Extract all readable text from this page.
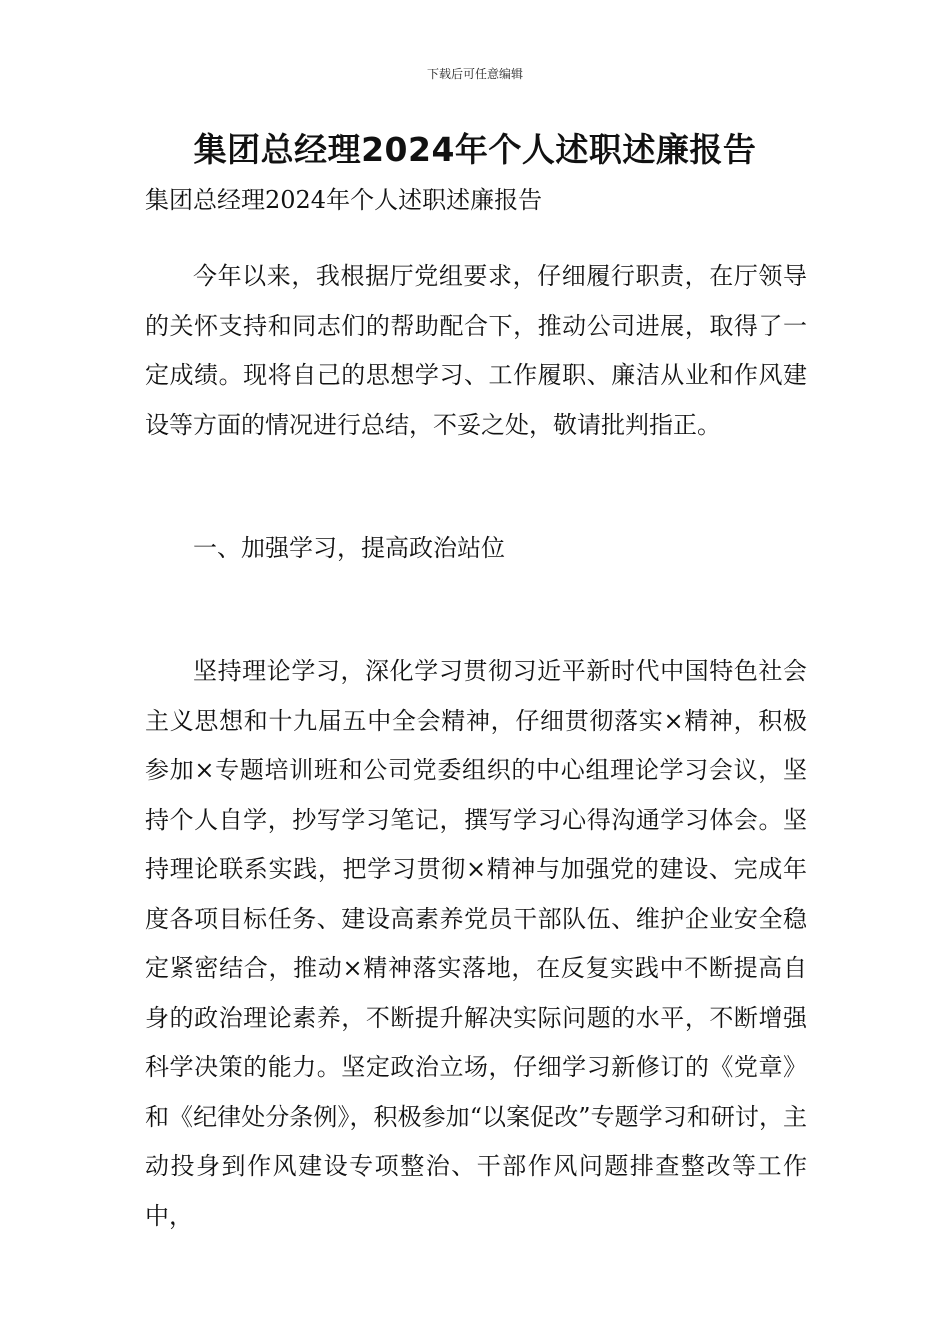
下载后可任意编辑
集团总经理2024年个人述职述廉报告
集团总经理2024年个人述职述廉报告

今年以来，我根据厅党组要求，仔细履行职责，在厅领导的关怀支持和同志们的帮助配合下，推动公司进展，取得了一定成绩。现将自己的思想学习、工作履职、廉洁从业和作风建设等方面的情况进行总结，不妥之处，敬请批判指正。

一、加强学习，提高政治站位

坚持理论学习，深化学习贯彻习近平新时代中国特色社会主义思想和十九届五中全会精神，仔细贯彻落实×精神，积极参加×专题培训班和公司党委组织的中心组理论学习会议，坚持个人自学，抄写学习笔记，撰写学习心得沟通学习体会。坚持理论联系实践，把学习贯彻×精神与加强党的建设、完成年度各项目标任务、建设高素养党员干部队伍、维护企业安全稳定紧密结合，推动×精神落实落地，在反复实践中不断提高自身的政治理论素养，不断提升解决实际问题的水平，不断增强科学决策的能力。坚定政治立场，仔细学习新修订的《党章》和《纪律处分条例》，积极参加“以案促改”专题学习和研讨，主动投身到作风建设专项整治、干部作风问题排查整改等工作中，
